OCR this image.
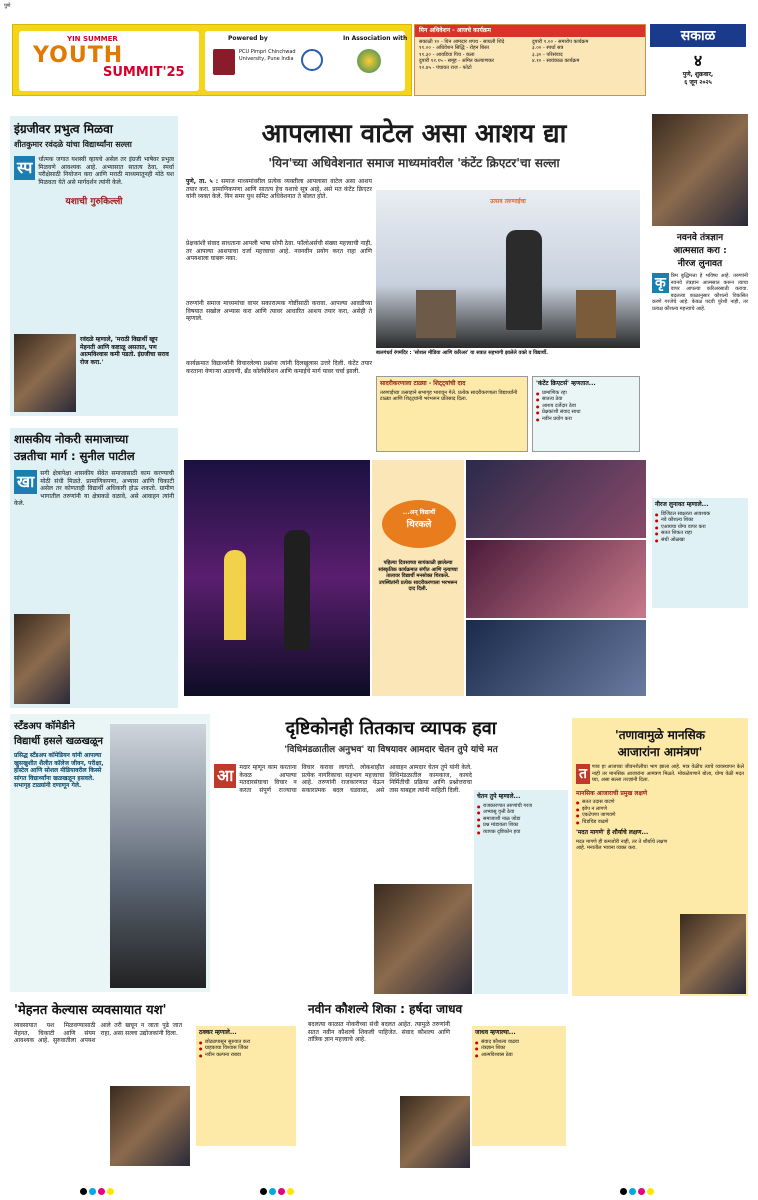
पुणे
YIN SUMMER
YOUTH
SUMMIT'25
Powered by
PCU Pimpri Chinchwad University, Pune India
In Association with
यिन अधिवेशन - आजचे कार्यक्रम
सकाळी १० - यिन आमदार शपथ - सायली शिंदे
११.०० - अधिवेशन सिद्धि - रोहन बिस्त
११.३० - आयडिया पिच - कला
दुपारी १२.१५ - समूह - अमित कल्याणकर
१२.४५ - पंचायत राज - फोटो
दुपारी १.०० - समारोप कार्यक्रम
३.०० - स्पर्धा सत्र
३.३० - परिसंवाद
४.१० - सायंकाळ कार्यक्रम
सकाळ
४
पुणे, शुक्रवार,
६ जून २०२५
इंग्रजीवर प्रभुत्व मिळवा
शीतकुमार रवंदळे यांचा विद्यार्थ्यांना सल्ला
स्प	र्धात्मक जगात यशस्वी व्हायचे असेल तर इंग्रजी भाषेवर प्रभुत्व मिळवणे आवश्यक आहे. अभ्यासात सातत्य ठेवा, स्पर्धा परीक्षेसाठी नियोजन करा आणि मराठी माध्यमातूनही मोठे यश मिळवता येते असे मार्गदर्शन त्यांनी केले.
यशाची गुरुकिल्ली
रवंदळे म्हणाले, 'मराठी विद्यार्थी खूप मेहनती आणि कष्टाळू असतात, पण आत्मविश्वास कमी पडतो. इंग्रजीचा सराव रोज करा.'
शासकीय नोकरी समाजाच्या
उन्नतीचा मार्ग : सुनील पाटील
खा	सगी क्षेत्रापेक्षा शासकीय सेवेत समाजासाठी काम करण्याची मोठी संधी मिळते. प्रामाणिकपणा, अभ्यास आणि चिकाटी असेल तर कोणताही विद्यार्थी अधिकारी होऊ शकतो. ग्रामीण भागातील तरुणांनी या क्षेत्राकडे वळावे, असे आवाहन त्यांनी केले.
स्टँडअप कॉमेडीने
विद्यार्थी हसले खळखळून
प्रसिद्ध स्टँडअप कॉमेडियन यांनी आपल्या खुसखुशीत शैलीत कॉलेज जीवन, परीक्षा, हॉस्टेल आणि सोशल मीडियावरील किस्से सांगत विद्यार्थ्यांना खळखळून हसवले. सभागृह टाळ्यांनी दणाणून गेले.
आपलासा वाटेल असा आशय द्या
'यिन'च्या अधिवेशनात समाज माध्यमांवरील 'कंटेंट क्रिएटर'चा सल्ला
पुणे, ता. ५ : समाज माध्यमांवरील प्रत्येक व्यक्तीला आपलासा वाटेल असा आशय तयार करा. प्रामाणिकपणा आणि सातत्य हेच यशाचे सूत्र आहे, असे मत कंटेंट क्रिएटर यांनी व्यक्त केले. यिन समर युथ समिट अधिवेशनात ते बोलत होते.
प्रेक्षकांशी संवाद साधताना आपली भाषा सोपी ठेवा. फॉलोअर्सची संख्या महत्त्वाची नाही, तर आपल्या आशयाचा दर्जा महत्त्वाचा आहे. नवनवीन प्रयोग करत राहा आणि अपयशाला घाबरू नका.
तरुणांनी समाज माध्यमांचा वापर सकारात्मक गोष्टींसाठी करावा. आपल्या आवडीच्या विषयात सखोल अभ्यास करा आणि त्यावर आधारित आशय तयार करा, असेही ते म्हणाले.
कार्यक्रमात विद्यार्थ्यांनी विचारलेल्या प्रश्नांना त्यांनी दिलखुलास उत्तरे दिली. कंटेंट तयार करताना येणाऱ्या अडचणी, ब्रँड कोलॅबोरेशन आणि कमाईचे मार्ग यावर चर्चा झाली.
उत्सव तरुणाईचा
बालगंधर्व रंगमंदिर : 'सोशल मीडिया आणि करिअर' या सत्रात सहभागी झालेले वक्ते व विद्यार्थी.
सादरीकरणाला टाळ्या - शिट्ट्यांची दाद
तरुणाईच्या उत्साहाने सभागृह भारावून गेले. प्रत्येक सादरीकरणाला विद्यार्थ्यांनी टाळ्या आणि शिट्ट्यांनी भरभरून प्रतिसाद दिला.
'कंटेंट क्रिएटर्स' म्हणतात...
● प्रामाणिक रहा
● सातत्य ठेवा
● आशय दर्जेदार ठेवा
● प्रेक्षकांशी संवाद साधा
● नवीन प्रयोग करा
नवनवे तंत्रज्ञान
आत्मसात करा :
नीरज लुनावत
कृ	त्रिम बुद्धिमत्ता हे भविष्य आहे. तरुणांनी नवनवे तंत्रज्ञान आत्मसात करून त्याचा वापर आपल्या करिअरसाठी करावा. बदलत्या काळानुसार कौशल्ये विकसित करणे गरजेचे आहे. केवळ पदवी पुरेशी नाही, तर प्रत्यक्ष कौशल्य महत्त्वाचे आहे.
नीरज लुनावत म्हणाले...
● डिजिटल साक्षरता आवश्यक
● नवे कौशल्य शिका
● एआयचा योग्य वापर करा
● सतत शिकत राहा
● संधी ओळखा
...अन् विद्यार्थी
थिरकले
पहिल्या दिवसाच्या सायंकाळी झालेल्या सांस्कृतिक कार्यक्रमात संगीत आणि नृत्याच्या तालावर विद्यार्थी मनसोक्त थिरकले. उपस्थितांनी प्रत्येक सादरीकरणाला भरभरून दाद दिली.
दृष्टिकोनही तितकाच व्यापक हवा
'विधिमंडळातील अनुभव' या विषयावर आमदार चेतन तुपे यांचे मत
आ	मदार म्हणून काम करताना केवळ आपल्या मतदारसंघाचा विचार न करता संपूर्ण राज्याचा विचार करावा लागतो. लोकशाहीत प्रत्येक नागरिकाचा सहभाग महत्त्वाचा आहे. तरुणांनी राजकारणात येऊन सकारात्मक बदल घडवावा, असे आवाहन आमदार चेतन तुपे यांनी केले. विधिमंडळातील कामकाज, कायदे निर्मितीची प्रक्रिया आणि प्रश्नोत्तराचा तास याबद्दल त्यांनी माहिती दिली.
चेतन तुपे म्हणाले...
● राजकारणात तरुणांची गरज
● अभ्यासू वृत्ती ठेवा
● समाजाशी नाळ जोडा
● प्रश्न मांडायला शिका
● व्यापक दृष्टिकोन हवा
'तणावामुळे मानसिक
आजारांना आमंत्रण'
त	णाव हा आजच्या जीवनशैलीचा भाग झाला आहे. मात्र वेळीच त्याचे व्यवस्थापन केले नाही तर मानसिक आजारांना आमंत्रण मिळते. मोकळेपणाने बोला, योग्य वेळी मदत घ्या, असा सल्ला तज्ज्ञांनी दिला.
मानसिक आजाराची प्रमुख लक्षणे
● सतत उदास वाटणे
● झोप न लागणे
● एकटेपणा जाणवणे
● चिडचिड वाढणे
'मदत मागणे' हे शौर्याचे लक्षण...
मदत मागणे ही कमजोरी नाही, तर ते शौर्याचे लक्षण आहे. मनातील भावना व्यक्त करा.
'मेहनत केल्यास व्यवसायात यश'
व्यवसायात यश मिळवण्यासाठी मेहनत, चिकाटी आणि संयम आवश्यक आहे. सुरुवातीला अपयश आले तरी खचून न जाता पुढे जात राहा, असा सल्ला उद्योजकांनी दिला.	ठक्कर म्हणाले...
● छोट्यापासून सुरुवात करा
● ग्राहकाचा विश्वास जिंका
● नवीन कल्पना राबवा
नवीन कौशल्ये शिका : हर्षदा जाधव
बदलत्या काळात नोकरीच्या संधी बदलत आहेत. त्यामुळे तरुणांनी सतत नवीन कौशल्ये शिकली पाहिजेत. संवाद कौशल्य आणि तांत्रिक ज्ञान महत्त्वाचे आहे.
जाधव म्हणाल्या...
● संवाद कौशल्य वाढवा
● तंत्रज्ञान शिका
● आत्मविश्वास ठेवा
